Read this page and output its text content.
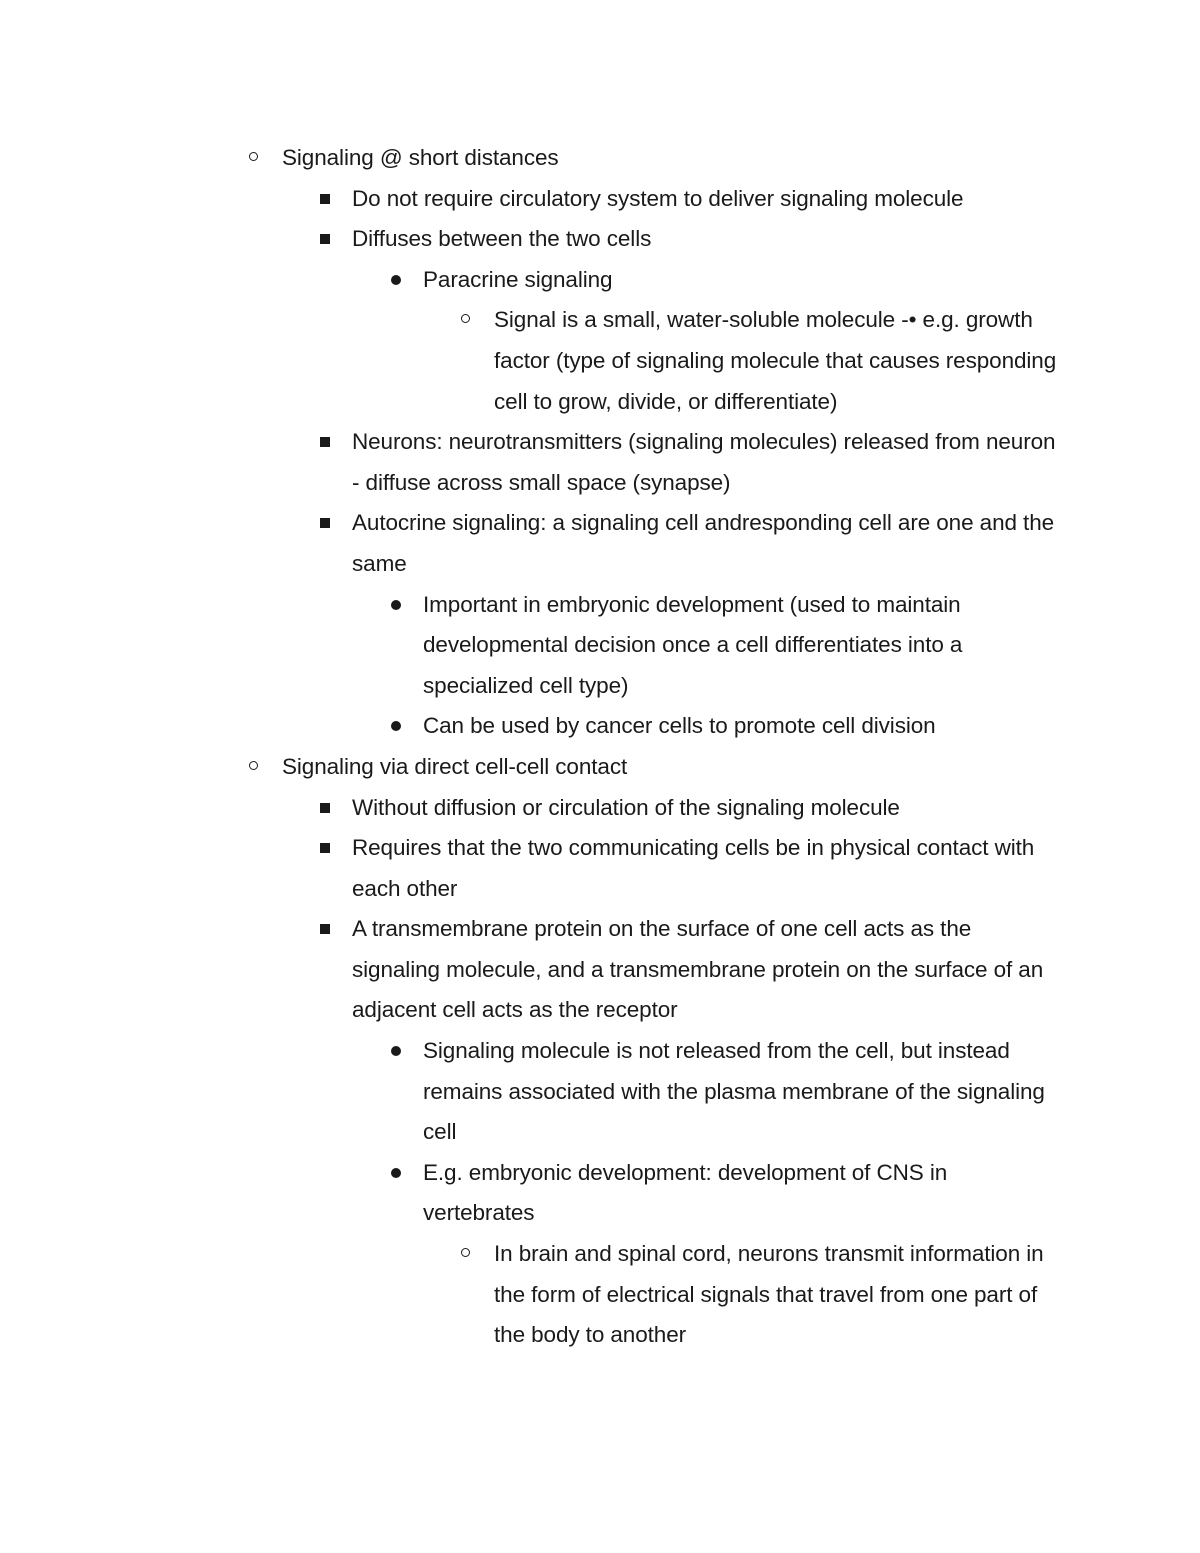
Signaling @ short distances
Do not require circulatory system to deliver signaling molecule
Diffuses between the two cells
Paracrine signaling
Signal is a small, water-soluble molecule -• e.g. growth factor (type of signaling molecule that causes responding cell to grow, divide, or differentiate)
Neurons: neurotransmitters (signaling molecules) released from neuron - diffuse across small space (synapse)
Autocrine signaling: a signaling cell andresponding cell are one and the same
Important in embryonic development (used to maintain developmental decision once a cell differentiates into a specialized cell type)
Can be used by cancer cells to promote cell division
Signaling via direct cell-cell contact
Without diffusion or circulation of the signaling molecule
Requires that the two communicating cells be in physical contact with each other
A transmembrane protein on the surface of one cell acts as the signaling molecule, and a transmembrane protein on the surface of an adjacent cell acts as the receptor
Signaling molecule is not released from the cell, but instead remains associated with the plasma membrane of the signaling cell
E.g. embryonic development: development of CNS in vertebrates
In brain and spinal cord, neurons transmit information in the form of electrical signals that travel from one part of the body to another
